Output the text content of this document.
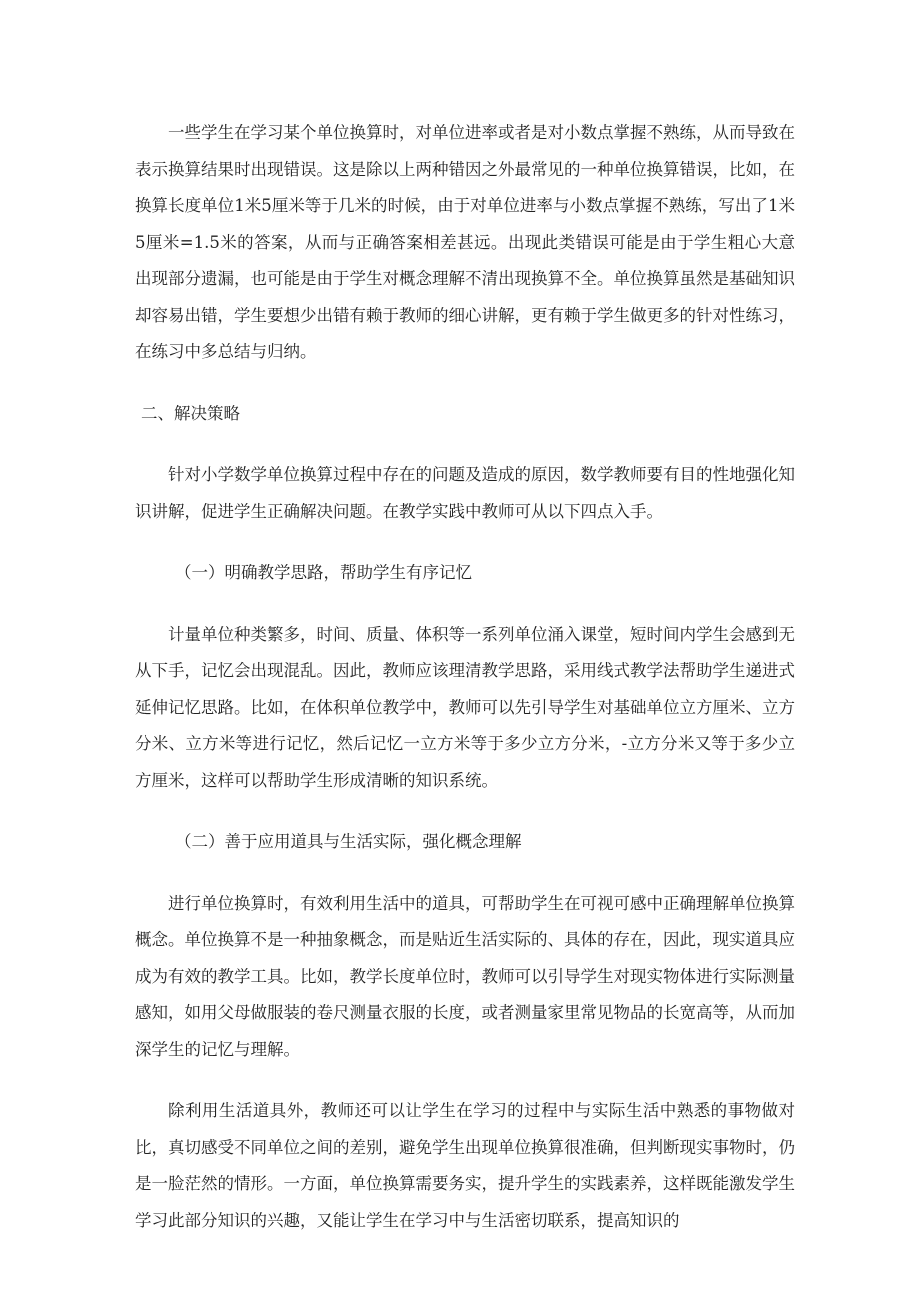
一些学生在学习某个单位换算时，对单位进率或者是对小数点掌握不熟练，从而导致在表示换算结果时出现错误。这是除以上两种错因之外最常见的一种单位换算错误，比如，在换算长度单位1米5厘米等于几米的时候，由于对单位进率与小数点掌握不熟练，写出了1米5厘米=1.5米的答案，从而与正确答案相差甚远。出现此类错误可能是由于学生粗心大意出现部分遗漏，也可能是由于学生对概念理解不清出现换算不全。单位换算虽然是基础知识却容易出错，学生要想少出错有赖于教师的细心讲解，更有赖于学生做更多的针对性练习，在练习中多总结与归纳。

二、解决策略

针对小学数学单位换算过程中存在的问题及造成的原因，数学教师要有目的性地强化知识讲解，促进学生正确解决问题。在教学实践中教师可从以下四点入手。

（一）明确教学思路，帮助学生有序记忆

计量单位种类繁多，时间、质量、体积等一系列单位涌入课堂，短时间内学生会感到无从下手，记忆会出现混乱。因此，教师应该理清教学思路，采用线式教学法帮助学生递进式延伸记忆思路。比如，在体积单位教学中，教师可以先引导学生对基础单位立方厘米、立方分米、立方米等进行记忆，然后记忆一立方米等于多少立方分米，-立方分米又等于多少立方厘米，这样可以帮助学生形成清晰的知识系统。

（二）善于应用道具与生活实际，强化概念理解

进行单位换算时，有效利用生活中的道具，可帮助学生在可视可感中正确理解单位换算概念。单位换算不是一种抽象概念，而是贴近生活实际的、具体的存在，因此，现实道具应成为有效的教学工具。比如，教学长度单位时，教师可以引导学生对现实物体进行实际测量感知，如用父母做服装的卷尺测量衣服的长度，或者测量家里常见物品的长宽高等，从而加深学生的记忆与理解。

除利用生活道具外，教师还可以让学生在学习的过程中与实际生活中熟悉的事物做对比，真切感受不同单位之间的差别，避免学生出现单位换算很准确，但判断现实事物时，仍是一脸茫然的情形。一方面，单位换算需要务实，提升学生的实践素养，这样既能激发学生学习此部分知识的兴趣，又能让学生在学习中与生活密切联系，提高知识的
